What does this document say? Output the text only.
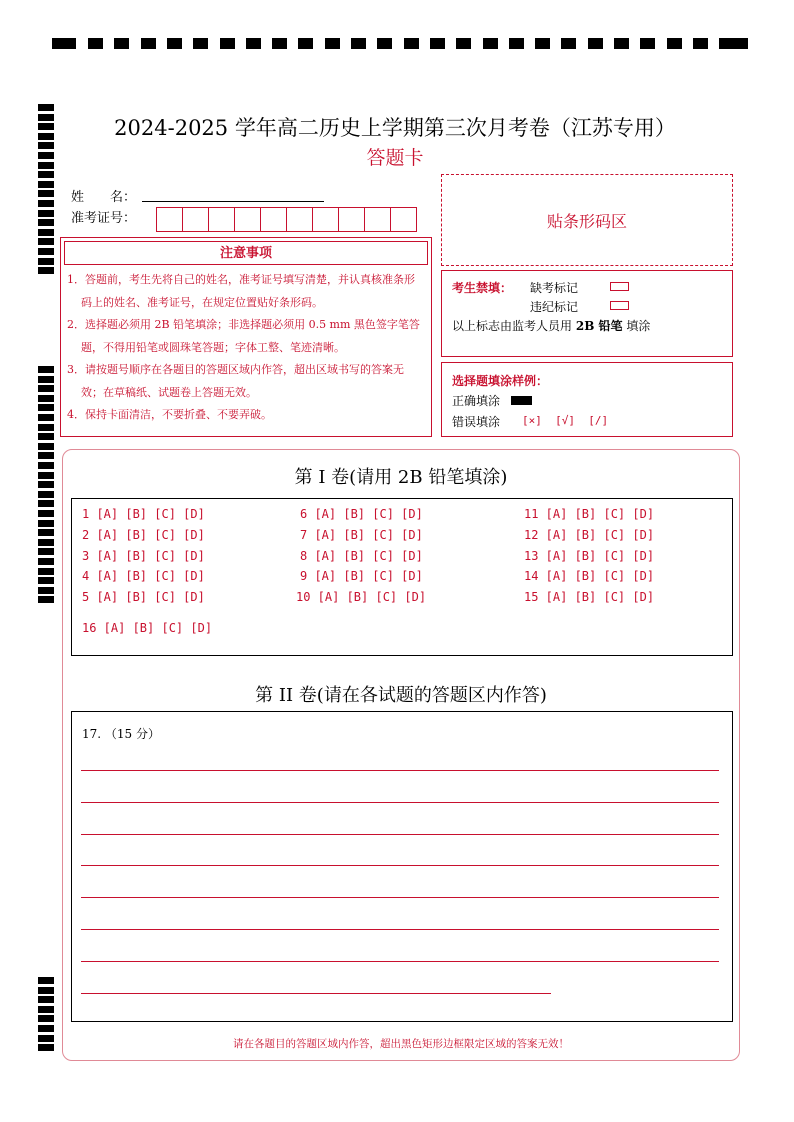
2024-2025 学年高二历史上学期第三次月考卷（江苏专用）
答题卡
姓　　名：
准考证号：
注意事项
1．答题前，考生先将自己的姓名，准考证号填写清楚，并认真核准条形码上的姓名、准考证号，在规定位置贴好条形码。
2．选择题必须用 2B 铅笔填涂；非选择题必须用 0.5 mm 黑色签字笔答题，不得用铅笔或圆珠笔答题；字体工整、笔迹清晰。
3．请按题号顺序在各题目的答题区域内作答，超出区域书写的答案无效；在草稿纸、试题卷上答题无效。
4．保持卡面清洁，不要折叠、不要弄破。
贴条形码区
考生禁填： 缺考标记
违纪标记
以上标志由监考人员用 2B 铅笔 填涂
选择题填涂样例：
正确填涂
错误填涂 [×]  [√]  [/]
第 I 卷(请用 2B 铅笔填涂)
第 II 卷(请在各试题的答题区内作答)
1 [A] [B] [C] [D]
2 [A] [B] [C] [D]
3 [A] [B] [C] [D]
4 [A] [B] [C] [D]
5 [A] [B] [C] [D]
6 [A] [B] [C] [D]
7 [A] [B] [C] [D]
8 [A] [B] [C] [D]
9 [A] [B] [C] [D]
10 [A] [B] [C] [D]
11 [A] [B] [C] [D]
12 [A] [B] [C] [D]
13 [A] [B] [C] [D]
14 [A] [B] [C] [D]
15 [A] [B] [C] [D]
16 [A] [B] [C] [D]
17. （15 分）
请在各题目的答题区域内作答，超出黑色矩形边框限定区域的答案无效！
